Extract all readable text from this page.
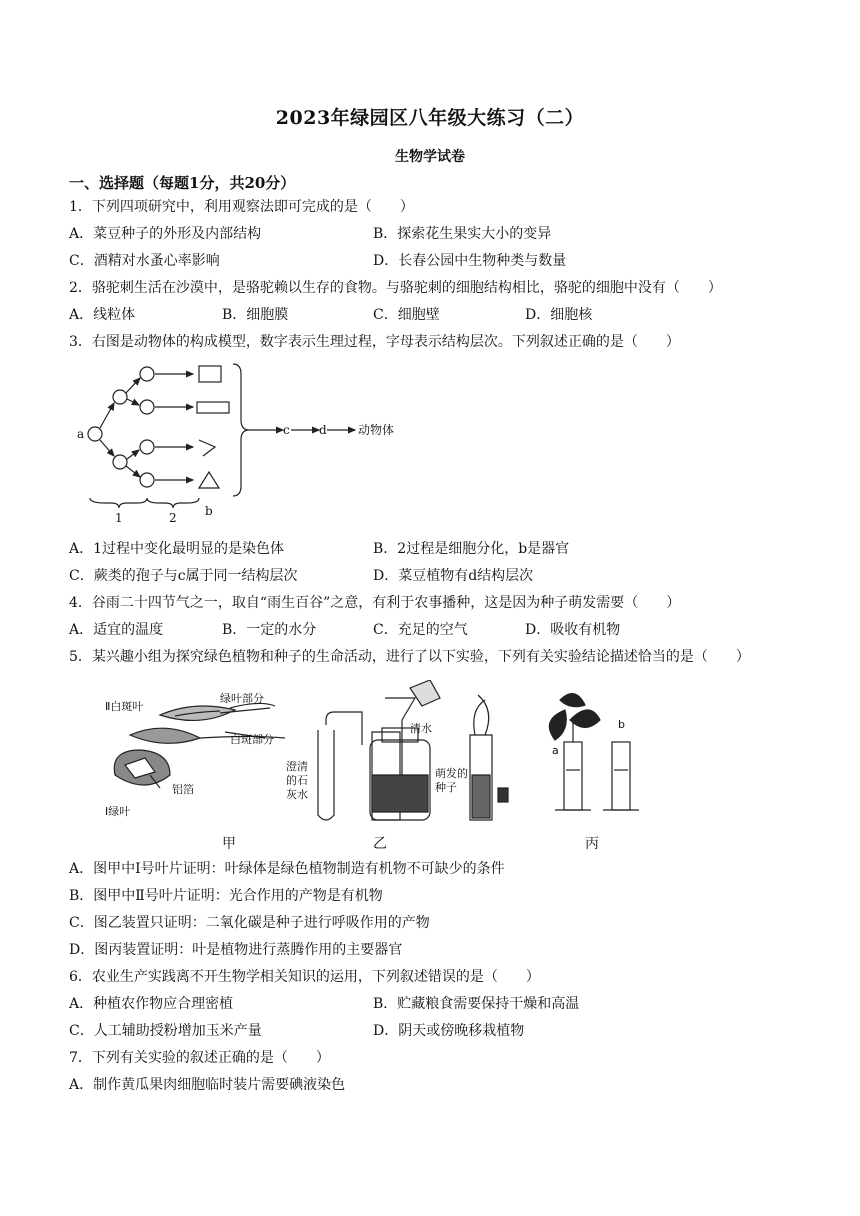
2023年绿园区八年级大练习（二）
生物学试卷
一、选择题（每题1分，共20分）
1．下列四项研究中，利用观察法即可完成的是（　　）
A．菜豆种子的外形及内部结构	B．探索花生果实大小的变异
C．酒精对水蚤心率影响	D．长春公园中生物种类与数量
2．骆驼刺生活在沙漠中，是骆驼赖以生存的食物。与骆驼刺的细胞结构相比，骆驼的细胞中没有（　　）
A．线粒体	B．细胞膜	C．细胞壁	D．细胞核
3．右图是动物体的构成模型，数字表示生理过程，字母表示结构层次。下列叙述正确的是（　　）
a	c d	动物体
1	2 b
A．1过程中变化最明显的是染色体	B．2过程是细胞分化，b是器官
C．蕨类的孢子与c属于同一结构层次	D．菜豆植物有d结构层次
4．谷雨二十四节气之一，取自“雨生百谷”之意，有利于农事播种，这是因为种子萌发需要（　　）
A．适宜的温度	B．一定的水分	C．充足的空气	D．吸收有机物
5．某兴趣小组为探究绿色植物和种子的生命活动，进行了以下实验，下列有关实验结论描述恰当的是（　　）
Ⅱ白斑叶
绿叶部分
白斑部分
铝箔
Ⅰ绿叶
清水
澄清
的石
灰水
萌发的
种子
a
b
甲	乙	丙
A．图甲中Ⅰ号叶片证明：叶绿体是绿色植物制造有机物不可缺少的条件
B．图甲中Ⅱ号叶片证明：光合作用的产物是有机物
C．图乙装置只证明：二氧化碳是种子进行呼吸作用的产物
D．图丙装置证明：叶是植物进行蒸腾作用的主要器官
6．农业生产实践离不开生物学相关知识的运用，下列叙述错误的是（　　）
A．种植农作物应合理密植	B．贮藏粮食需要保持干燥和高温
C．人工辅助授粉增加玉米产量	D．阴天或傍晚移栽植物
7．下列有关实验的叙述正确的是（　　）
A．制作黄瓜果肉细胞临时装片需要碘液染色
